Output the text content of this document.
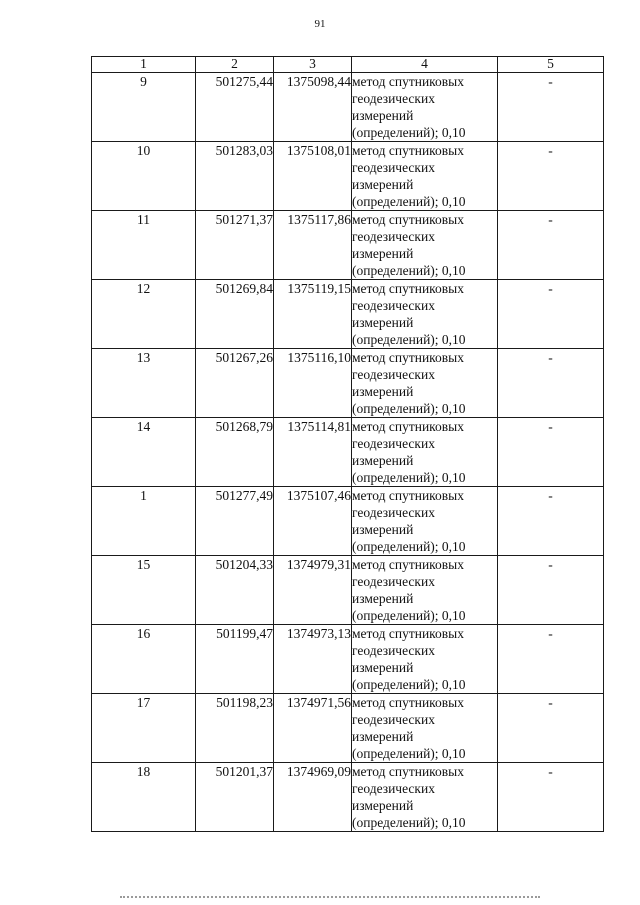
91
1	2	3	4	5
9	501275,44	1375098,44	метод спутниковых
геодезических
измерений
(определений); 0,10	-
10	501283,03	1375108,01	метод спутниковых
геодезических
измерений
(определений); 0,10	-
11	501271,37	1375117,86	метод спутниковых
геодезических
измерений
(определений); 0,10	-
12	501269,84	1375119,15	метод спутниковых
геодезических
измерений
(определений); 0,10	-
13	501267,26	1375116,10	метод спутниковых
геодезических
измерений
(определений); 0,10	-
14	501268,79	1375114,81	метод спутниковых
геодезических
измерений
(определений); 0,10	-
1	501277,49	1375107,46	метод спутниковых
геодезических
измерений
(определений); 0,10	-
15	501204,33	1374979,31	метод спутниковых
геодезических
измерений
(определений); 0,10	-
16	501199,47	1374973,13	метод спутниковых
геодезических
измерений
(определений); 0,10	-
17	501198,23	1374971,56	метод спутниковых
геодезических
измерений
(определений); 0,10	-
18	501201,37	1374969,09	метод спутниковых
геодезических
измерений
(определений); 0,10	-
